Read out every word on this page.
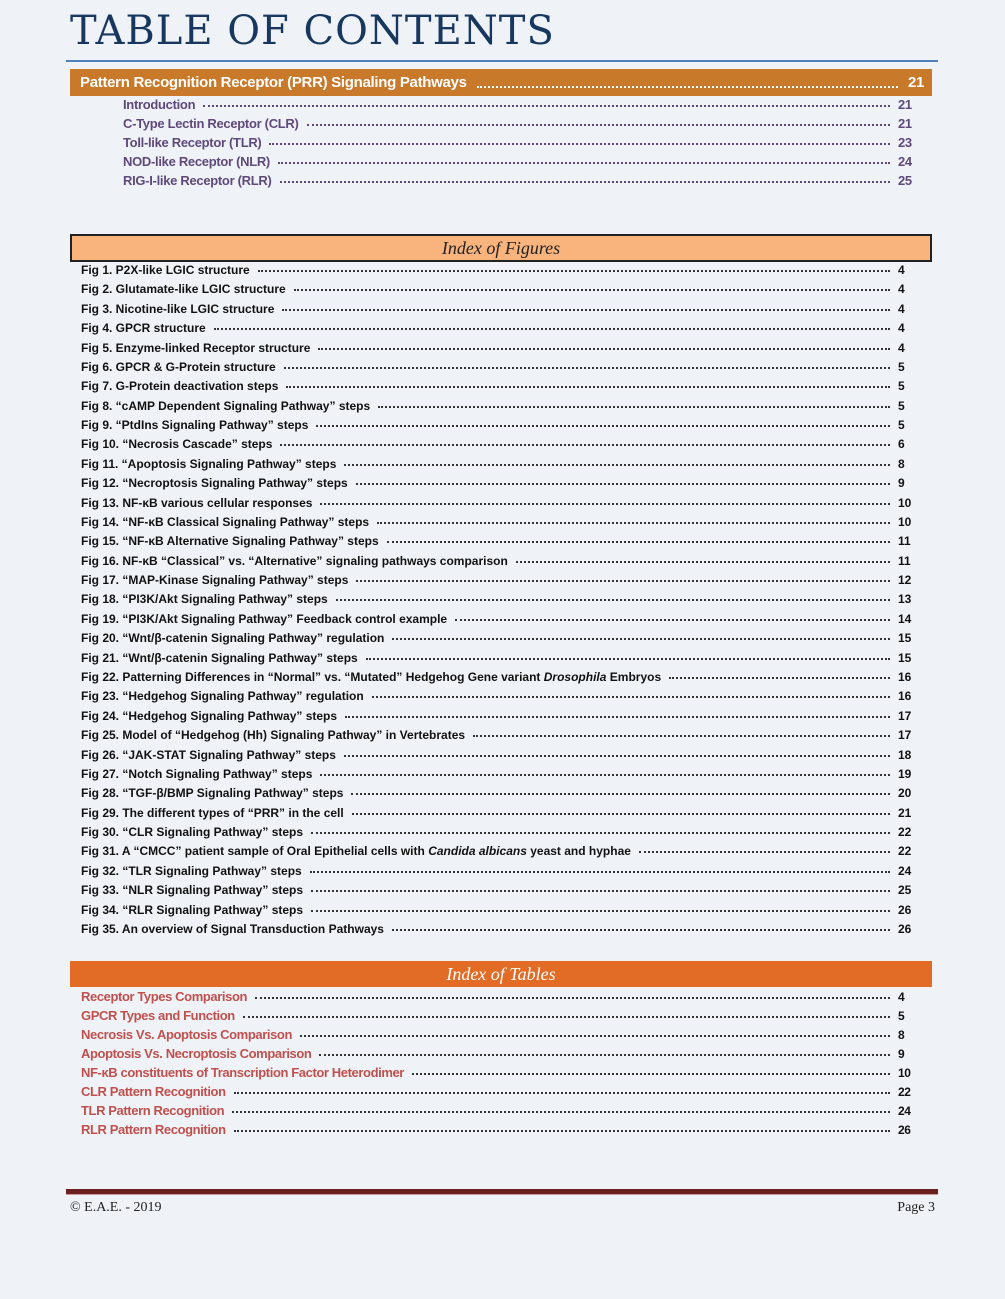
TABLE OF CONTENTS
Pattern Recognition Receptor (PRR) Signaling Pathways	21
Introduction	21
C-Type Lectin Receptor (CLR)	21
Toll-like Receptor (TLR)	23
NOD-like Receptor (NLR)	24
RIG-I-like Receptor (RLR)	25
Index of Figures
Fig 1. P2X-like LGIC structure	4
Fig 2. Glutamate-like LGIC structure	4
Fig 3. Nicotine-like LGIC structure	4
Fig 4. GPCR structure	4
Fig 5. Enzyme-linked Receptor structure	4
Fig 6. GPCR & G-Protein structure	5
Fig 7. G-Protein deactivation steps	5
Fig 8. “cAMP Dependent Signaling Pathway” steps	5
Fig 9. “PtdIns Signaling Pathway” steps	5
Fig 10. “Necrosis Cascade” steps	6
Fig 11. “Apoptosis Signaling Pathway” steps	8
Fig 12. “Necroptosis Signaling Pathway” steps	9
Fig 13. NF-κB various cellular responses	10
Fig 14. “NF-κB Classical Signaling Pathway” steps	10
Fig 15. “NF-κB Alternative Signaling Pathway” steps	11
Fig 16. NF-κB “Classical” vs. “Alternative” signaling pathways comparison	11
Fig 17. “MAP-Kinase Signaling Pathway” steps	12
Fig 18. “PI3K/Akt Signaling Pathway” steps	13
Fig 19. “PI3K/Akt Signaling Pathway” Feedback control example	14
Fig 20. “Wnt/β-catenin Signaling Pathway” regulation	15
Fig 21. “Wnt/β-catenin Signaling Pathway” steps	15
Fig 22. Patterning Differences in “Normal” vs. “Mutated” Hedgehog Gene variant Drosophila Embryos	16
Fig 23. “Hedgehog Signaling Pathway” regulation	16
Fig 24. “Hedgehog Signaling Pathway” steps	17
Fig 25. Model of “Hedgehog (Hh) Signaling Pathway” in Vertebrates	17
Fig 26. “JAK-STAT Signaling Pathway” steps	18
Fig 27. “Notch Signaling Pathway” steps	19
Fig 28. “TGF-β/BMP Signaling Pathway” steps	20
Fig 29. The different types of “PRR” in the cell	21
Fig 30. “CLR Signaling Pathway” steps	22
Fig 31. A “CMCC” patient sample of Oral Epithelial cells with Candida albicans yeast and hyphae	22
Fig 32. “TLR Signaling Pathway” steps	24
Fig 33. “NLR Signaling Pathway” steps	25
Fig 34. “RLR Signaling Pathway” steps	26
Fig 35. An overview of Signal Transduction Pathways	26
Index of Tables
Receptor Types Comparison	4
GPCR Types and Function	5
Necrosis Vs. Apoptosis Comparison	8
Apoptosis Vs. Necroptosis Comparison	9
NF-κB constituents of Transcription Factor Heterodimer	10
CLR Pattern Recognition	22
TLR Pattern Recognition	24
RLR Pattern Recognition	26
© E.A.E. - 2019	Page 3
